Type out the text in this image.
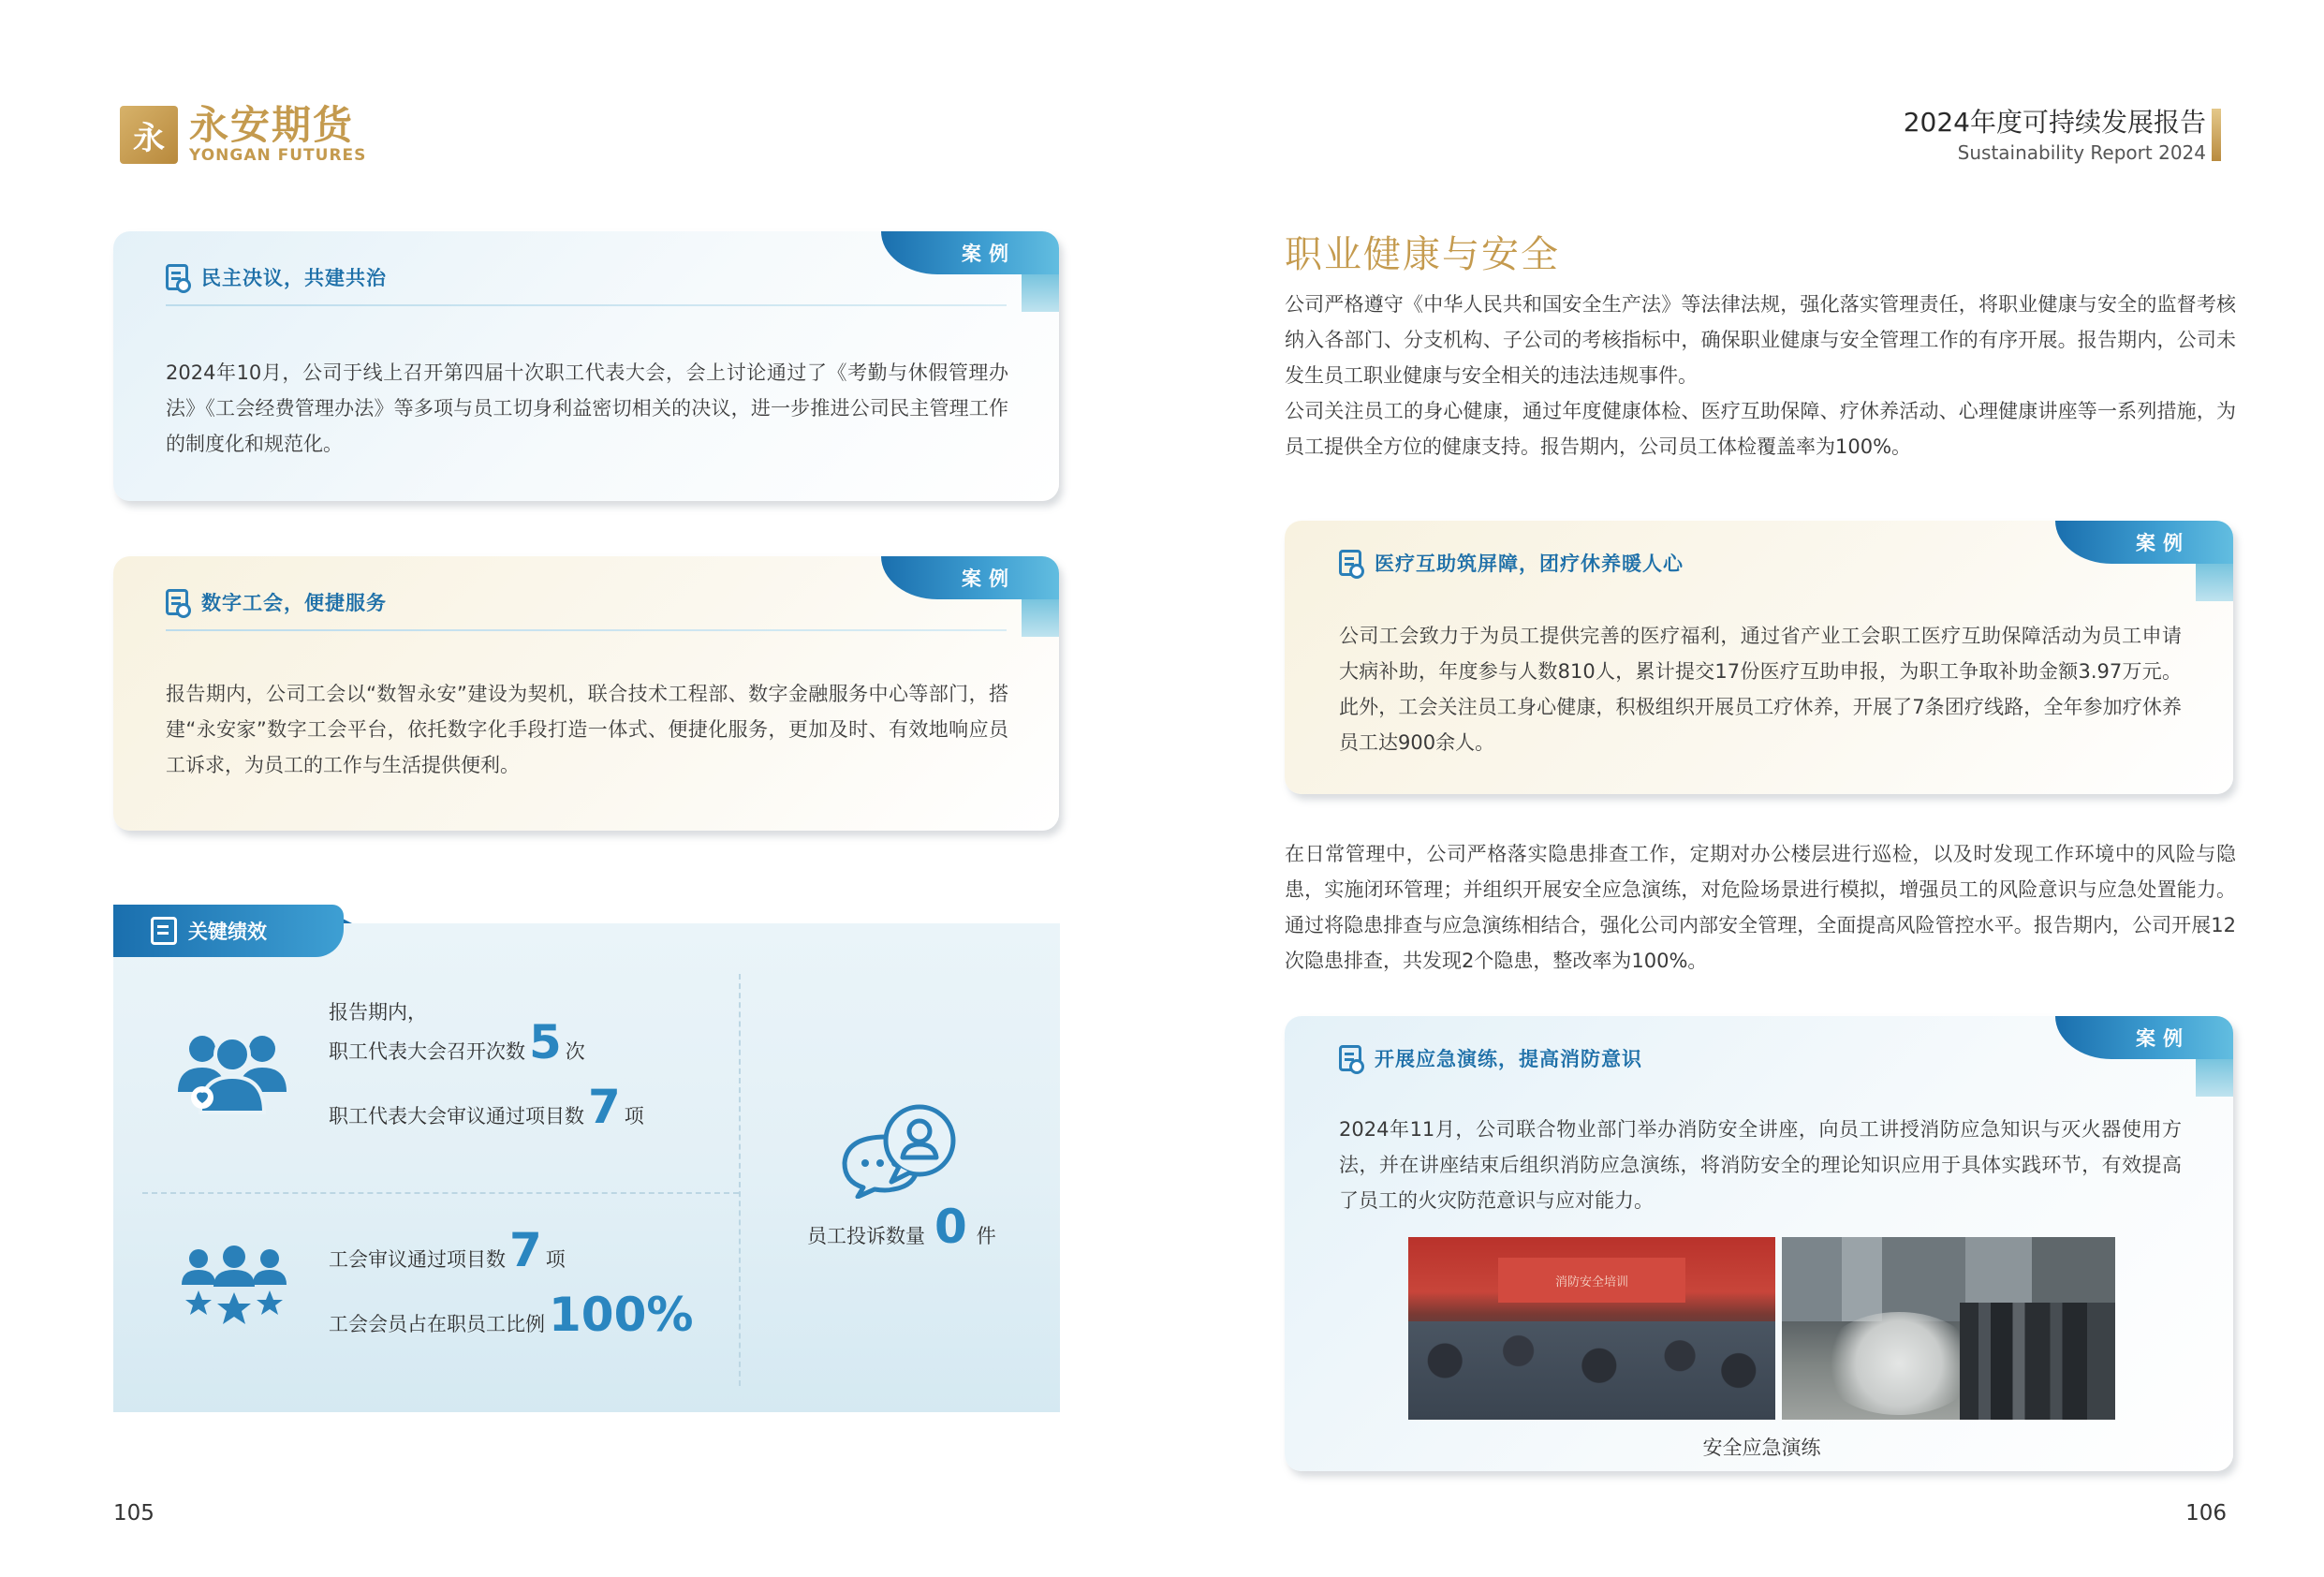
永 永安期货
YONGAN FUTURES
2024年度可持续发展报告
Sustainability Report 2024
案例
民主决议，共建共治
2024年10月，公司于线上召开第四届十次职工代表大会，会上讨论通过了《考勤与休假管理办法》《工会经费管理办法》等多项与员工切身利益密切相关的决议，进一步推进公司民主管理工作的制度化和规范化。
案例
数字工会，便捷服务
报告期内，公司工会以“数智永安”建设为契机，联合技术工程部、数字金融服务中心等部门，搭建“永安家”数字工会平台，依托数字化手段打造一体式、便捷化服务，更加及时、有效地响应员工诉求，为员工的工作与生活提供便利。
关键绩效
报告期内，
职工代表大会召开次数 5 次
职工代表大会审议通过项目数 7 项
工会审议通过项目数 7 项
工会会员占在职员工比例 100%
员工投诉数量 0 件
105
职业健康与安全
公司严格遵守《中华人民共和国安全生产法》等法律法规，强化落实管理责任，将职业健康与安全的监督考核纳入各部门、分支机构、子公司的考核指标中，确保职业健康与安全管理工作的有序开展。报告期内，公司未发生员工职业健康与安全相关的违法违规事件。
公司关注员工的身心健康，通过年度健康体检、医疗互助保障、疗休养活动、心理健康讲座等一系列措施，为员工提供全方位的健康支持。报告期内，公司员工体检覆盖率为100%。
案例
医疗互助筑屏障，团疗休养暖人心
公司工会致力于为员工提供完善的医疗福利，通过省产业工会职工医疗互助保障活动为员工申请大病补助，年度参与人数810人，累计提交17份医疗互助申报，为职工争取补助金额3.97万元。此外，工会关注员工身心健康，积极组织开展员工疗休养，开展了7条团疗线路，全年参加疗休养员工达900余人。
在日常管理中，公司严格落实隐患排查工作，定期对办公楼层进行巡检，以及时发现工作环境中的风险与隐患，实施闭环管理；并组织开展安全应急演练，对危险场景进行模拟，增强员工的风险意识与应急处置能力。通过将隐患排查与应急演练相结合，强化公司内部安全管理，全面提高风险管控水平。报告期内，公司开展12次隐患排查，共发现2个隐患，整改率为100%。
案例
开展应急演练，提高消防意识
2024年11月，公司联合物业部门举办消防安全讲座，向员工讲授消防应急知识与灭火器使用方法，并在讲座结束后组织消防应急演练，将消防安全的理论知识应用于具体实践环节，有效提高了员工的火灾防范意识与应对能力。
消防安全培训
安全应急演练
106
